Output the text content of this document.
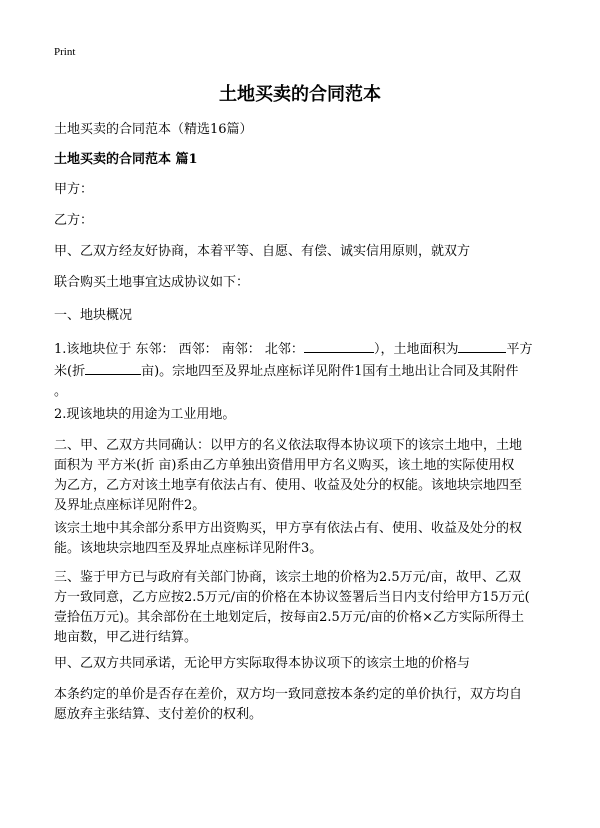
Print
土地买卖的合同范本

土地买卖的合同范本（精选16篇）

土地买卖的合同范本 篇1

甲方：

乙方：

甲、乙双方经友好协商，本着平等、自愿、有偿、诚实信用原则，就双方

联合购买土地事宜达成协议如下：

一、地块概况

1.该地块位于 东邻： 西邻： 南邻： 北邻：	），土地面积为	平方
米(折	亩)。宗地四至及界址点座标详见附件1国有土地出让合同及其附件
。

2.现该地块的用途为工业用地。

二、甲、乙双方共同确认：以甲方的名义依法取得本协议项下的该宗土地中，土地
面积为 平方米(折 亩)系由乙方单独出资借用甲方名义购买，该土地的实际使用权
为乙方，乙方对该土地享有依法占有、使用、收益及处分的权能。该地块宗地四至
及界址点座标详见附件2。
该宗土地中其余部分系甲方出资购买，甲方享有依法占有、使用、收益及处分的权
能。该地块宗地四至及界址点座标详见附件3。
三、鉴于甲方已与政府有关部门协商，该宗土地的价格为2.5万元/亩，故甲、乙双
方一致同意，乙方应按2.5万元/亩的价格在本协议签署后当日内支付给甲方15万元(
壹拾伍万元)。其余部份在土地划定后，按每亩2.5万元/亩的价格×乙方实际所得土
地亩数，甲乙进行结算。

甲、乙双方共同承诺，无论甲方实际取得本协议项下的该宗土地的价格与

本条约定的单价是否存在差价，双方均一致同意按本条约定的单价执行，双方均自
愿放弃主张结算、支付差价的权利。
